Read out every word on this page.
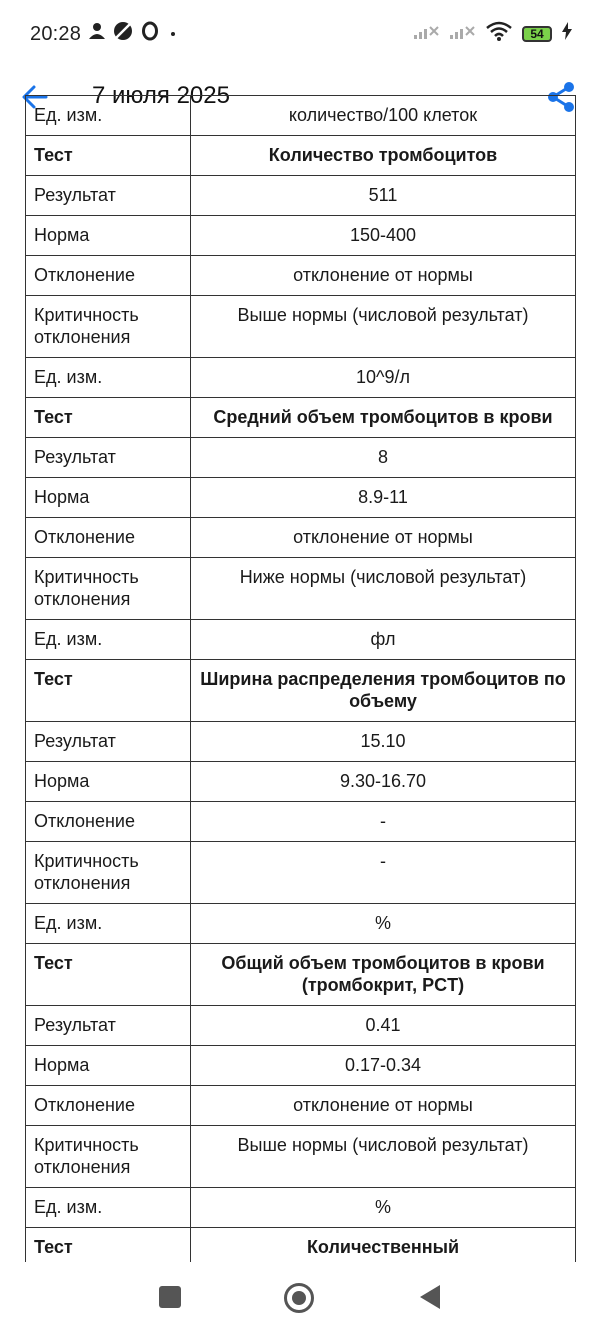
20:28	54
7 июля 2025
Ед. изм.	количество/100 клеток
Тест	Количество тромбоцитов
Результат	511
Норма	150-400
Отклонение	отклонение от нормы
Критичность отклонения	Выше нормы (числовой результат)
Ед. изм.	10^9/л
Тест	Средний объем тромбоцитов в крови
Результат	8
Норма	8.9-11
Отклонение	отклонение от нормы
Критичность отклонения	Ниже нормы (числовой результат)
Ед. изм.	фл
Тест	Ширина распределения тромбоцитов по объему
Результат	15.10
Норма	9.30-16.70
Отклонение	-
Критичность отклонения	-
Ед. изм.	%
Тест	Общий объем тромбоцитов в крови (тромбокрит, PCT)
Результат	0.41
Норма	0.17-0.34
Отклонение	отклонение от нормы
Критичность отклонения	Выше нормы (числовой результат)
Ед. изм.	%
Тест	Количественный
